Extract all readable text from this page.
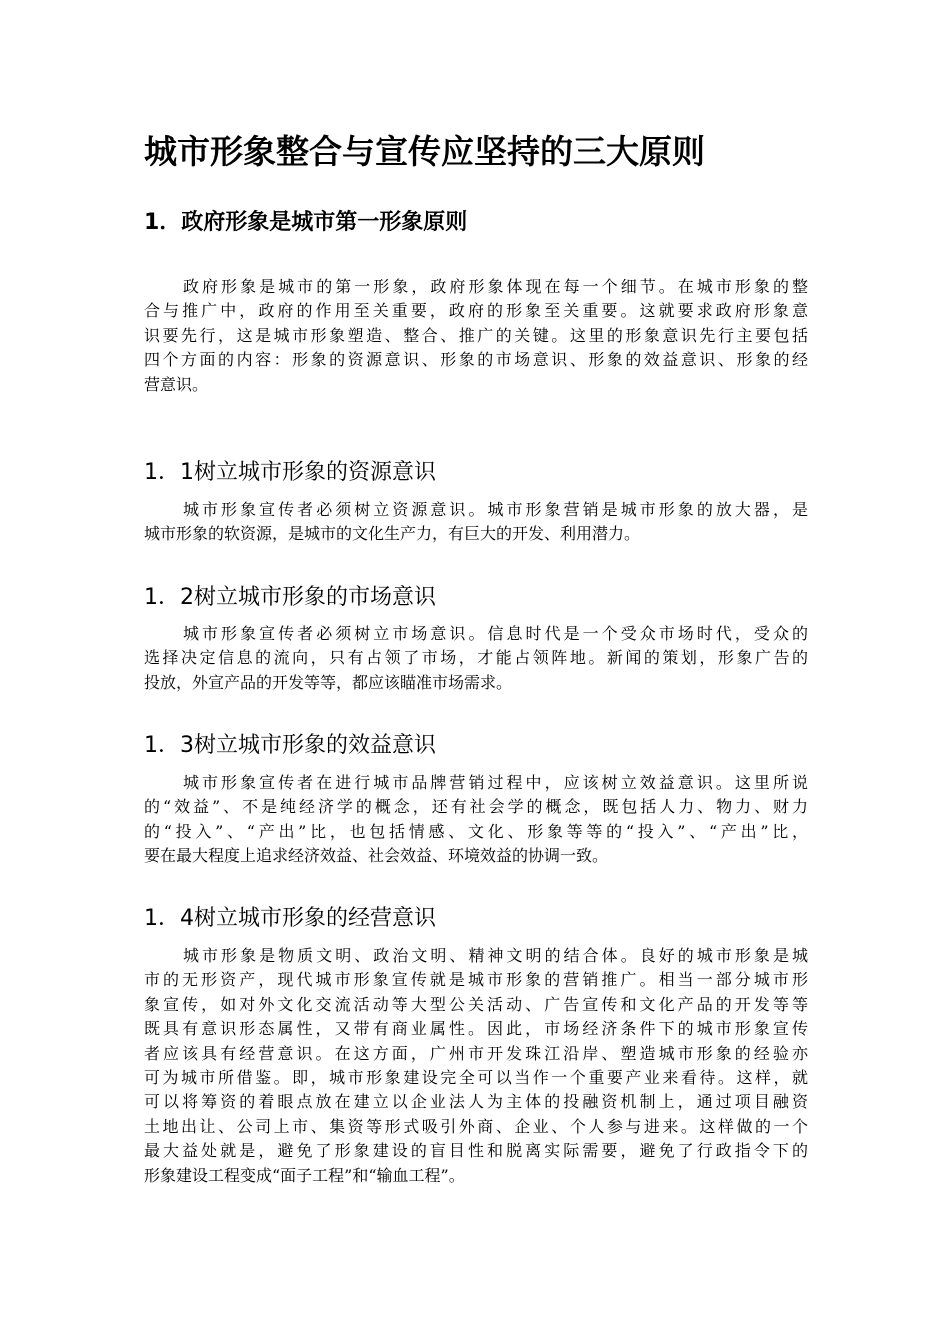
城市形象整合与宣传应坚持的三大原则
1．政府形象是城市第一形象原则
政府形象是城市的第一形象，政府形象体现在每一个细节。在城市形象的整
合与推广中，政府的作用至关重要，政府的形象至关重要。这就要求政府形象意
识要先行，这是城市形象塑造、整合、推广的关键。这里的形象意识先行主要包括
四个方面的内容：形象的资源意识、形象的市场意识、形象的效益意识、形象的经
营意识。
1．1树立城市形象的资源意识
城市形象宣传者必须树立资源意识。城市形象营销是城市形象的放大器，是
城市形象的软资源，是城市的文化生产力，有巨大的开发、利用潜力。
1．2树立城市形象的市场意识
城市形象宣传者必须树立市场意识。信息时代是一个受众市场时代，受众的
选择决定信息的流向，只有占领了市场，才能占领阵地。新闻的策划，形象广告的
投放，外宣产品的开发等等，都应该瞄准市场需求。
1．3树立城市形象的效益意识
城市形象宣传者在进行城市品牌营销过程中，应该树立效益意识。这里所说
的“效益”、不是纯经济学的概念，还有社会学的概念，既包括人力、物力、财力
的“投入”、“产出”比，也包括情感、文化、形象等等的“投入”、“产出”比，
要在最大程度上追求经济效益、社会效益、环境效益的协调一致。
1．4树立城市形象的经营意识
城市形象是物质文明、政治文明、精神文明的结合体。良好的城市形象是城
市的无形资产，现代城市形象宣传就是城市形象的营销推广。相当一部分城市形
象宣传，如对外文化交流活动等大型公关活动、广告宣传和文化产品的开发等等
既具有意识形态属性，又带有商业属性。因此，市场经济条件下的城市形象宣传
者应该具有经营意识。在这方面，广州市开发珠江沿岸、塑造城市形象的经验亦
可为城市所借鉴。即，城市形象建设完全可以当作一个重要产业来看待。这样，就
可以将筹资的着眼点放在建立以企业法人为主体的投融资机制上，通过项目融资
土地出让、公司上市、集资等形式吸引外商、企业、个人参与进来。这样做的一个
最大益处就是，避免了形象建设的盲目性和脱离实际需要，避免了行政指令下的
形象建设工程变成“面子工程”和“输血工程”。
